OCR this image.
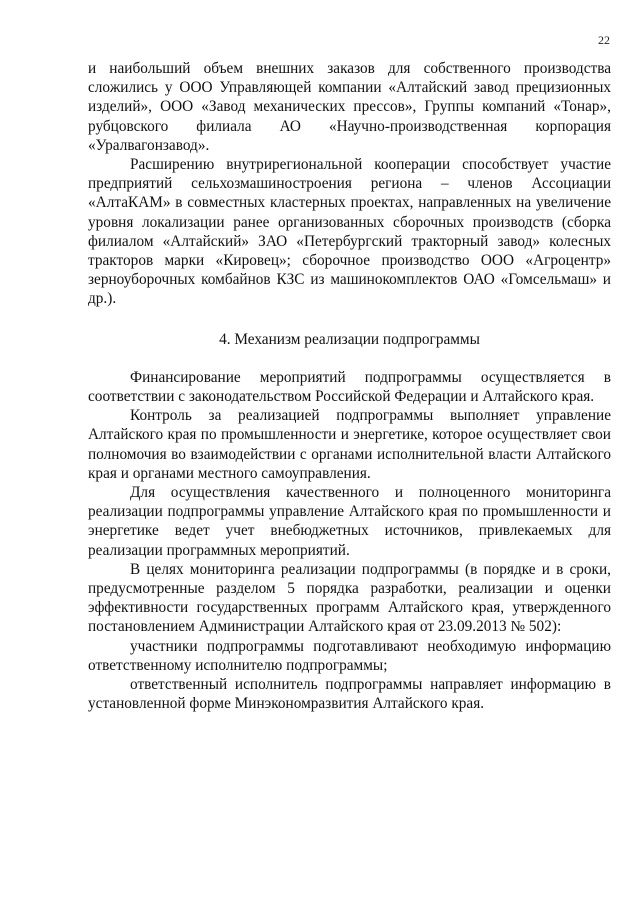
22

и наибольший объем внешних заказов для собственного производства сложились у ООО Управляющей компании «Алтайский завод прецизионных изделий», ООО «Завод механических прессов», Группы компаний «Тонар», рубцовского филиала АО «Научно-производственная корпорация «Уралвагонзавод».

Расширению внутрирегиональной кооперации способствует участие предприятий сельхозмашиностроения региона – членов Ассоциации «АлтаКАМ» в совместных кластерных проектах, направленных на увеличение уровня локализации ранее организованных сборочных производств (сборка филиалом «Алтайский» ЗАО «Петербургский тракторный завод» колесных тракторов марки «Кировец»; сборочное производство ООО «Агроцентр» зерноуборочных комбайнов КЗС из машинокомплектов ОАО «Гомсельмаш» и др.).

4. Механизм реализации подпрограммы

Финансирование мероприятий подпрограммы осуществляется в соответствии с законодательством Российской Федерации и Алтайского края.

Контроль за реализацией подпрограммы выполняет управление Алтайского края по промышленности и энергетике, которое осуществляет свои полномочия во взаимодействии с органами исполнительной власти Алтайского края и органами местного самоуправления.

Для осуществления качественного и полноценного мониторинга реализации подпрограммы управление Алтайского края по промышленности и энергетике ведет учет внебюджетных источников, привлекаемых для реализации программных мероприятий.

В целях мониторинга реализации подпрограммы (в порядке и в сроки, предусмотренные разделом 5 порядка разработки, реализации и оценки эффективности государственных программ Алтайского края, утвержденного постановлением Администрации Алтайского края от 23.09.2013 № 502):

участники подпрограммы подготавливают необходимую информацию ответственному исполнителю подпрограммы;

ответственный исполнитель подпрограммы направляет информацию в установленной форме Минэкономразвития Алтайского края.
